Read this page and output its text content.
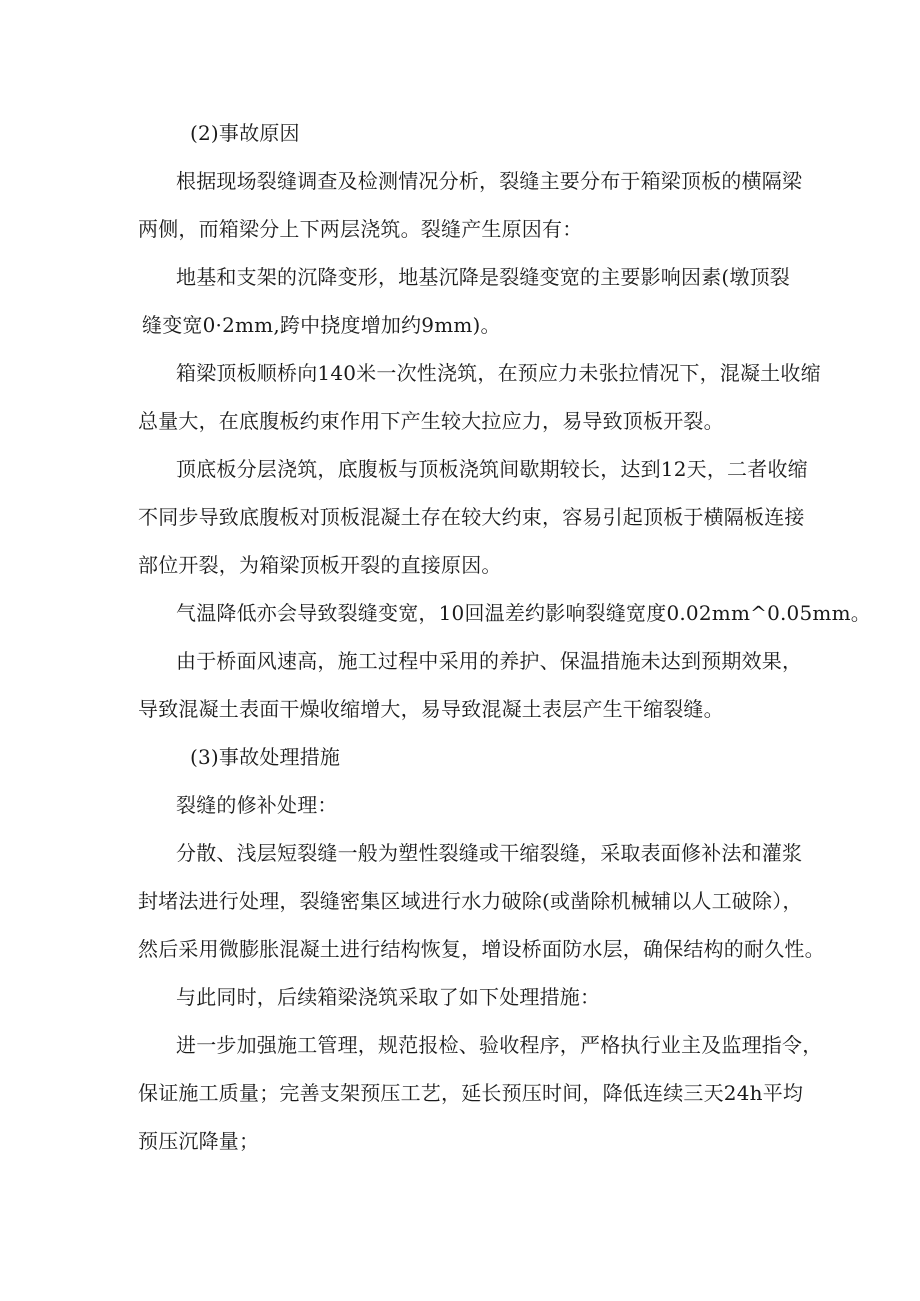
(2)事故原因
根据现场裂缝调查及检测情况分析，裂缝主要分布于箱梁顶板的横隔梁
两侧，而箱梁分上下两层浇筑。裂缝产生原因有：
地基和支架的沉降变形，地基沉降是裂缝变宽的主要影响因素(墩顶裂
缝变宽0·2mm,跨中挠度增加约9mm)。
箱梁顶板顺桥向140米一次性浇筑，在预应力未张拉情况下，混凝土收缩
总量大，在底腹板约束作用下产生较大拉应力，易导致顶板开裂。
顶底板分层浇筑，底腹板与顶板浇筑间歇期较长，达到12天，二者收缩
不同步导致底腹板对顶板混凝土存在较大约束，容易引起顶板于横隔板连接
部位开裂，为箱梁顶板开裂的直接原因。
气温降低亦会导致裂缝变宽，10回温差约影响裂缝宽度0.02mm^0.05mm。
由于桥面风速高，施工过程中采用的养护、保温措施未达到预期效果，
导致混凝土表面干燥收缩增大，易导致混凝土表层产生干缩裂缝。
(3)事故处理措施
裂缝的修补处理：
分散、浅层短裂缝一般为塑性裂缝或干缩裂缝，采取表面修补法和灌浆
封堵法进行处理，裂缝密集区域进行水力破除(或凿除机械辅以人工破除），
然后采用微膨胀混凝土进行结构恢复，增设桥面防水层，确保结构的耐久性。
与此同时，后续箱梁浇筑采取了如下处理措施：
进一步加强施工管理，规范报检、验收程序，严格执行业主及监理指令，
保证施工质量；完善支架预压工艺，延长预压时间，降低连续三天24h平均
预压沉降量；
